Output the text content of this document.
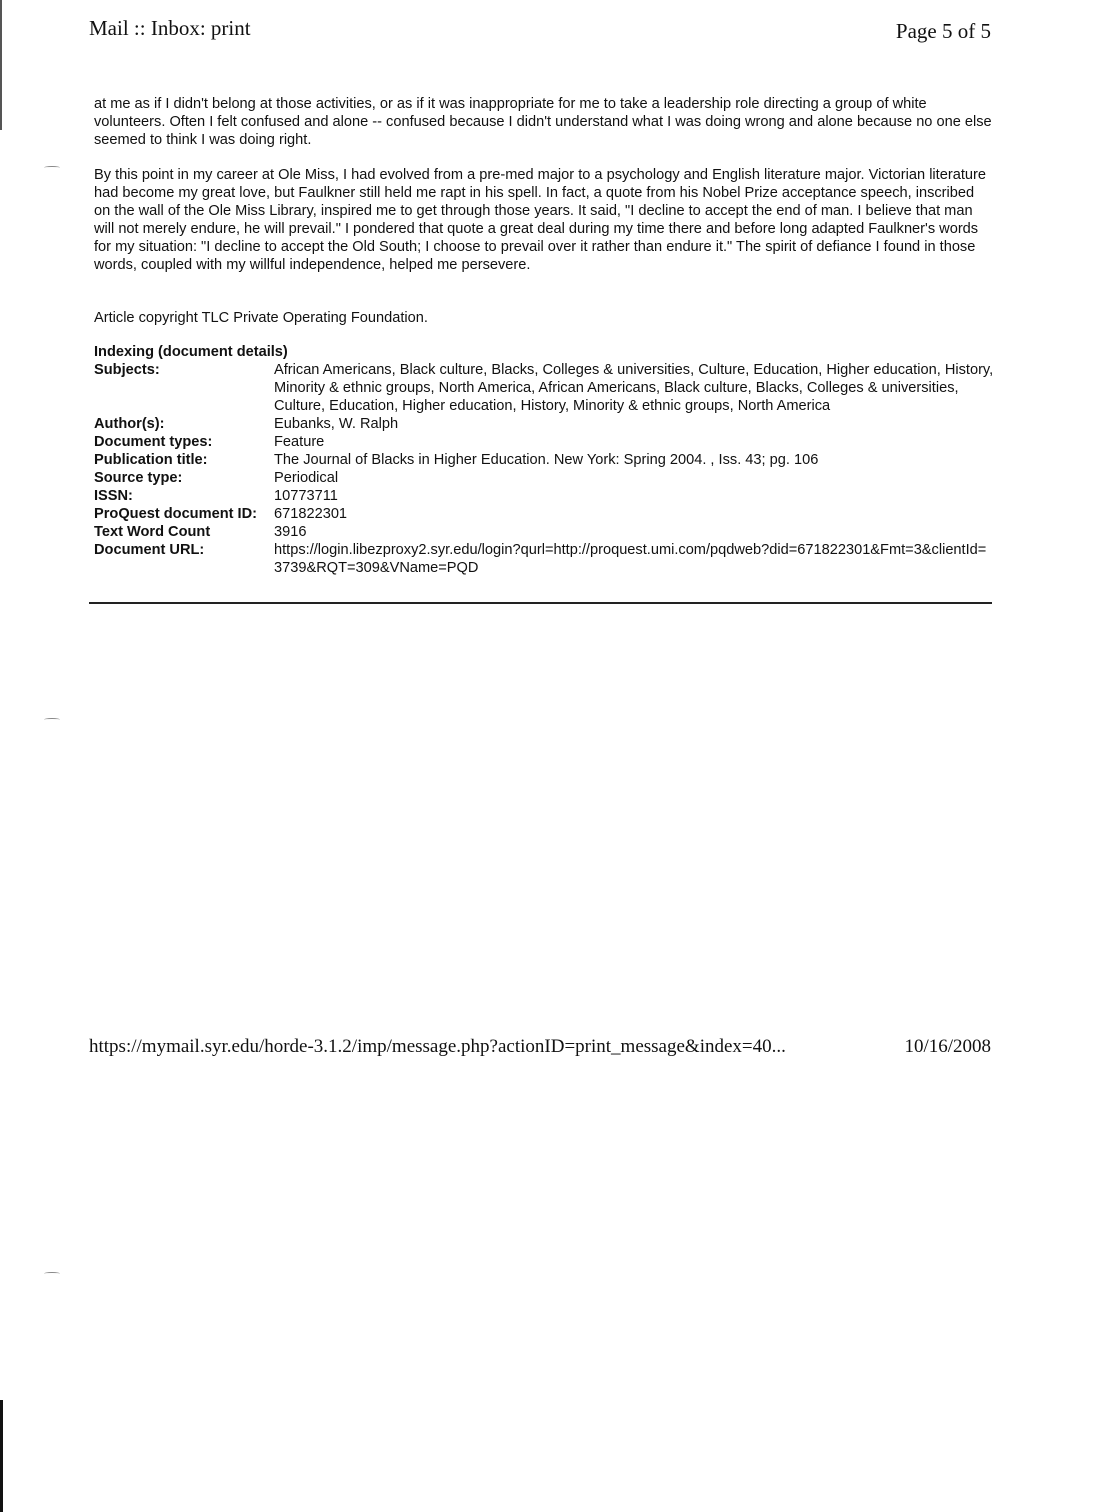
Mail :: Inbox: print	Page 5 of 5

at me as if I didn't belong at those activities, or as if it was inappropriate for me to take a leadership role directing a group of white volunteers. Often I felt confused and alone -- confused because I didn't understand what I was doing wrong and alone because no one else seemed to think I was doing right.

By this point in my career at Ole Miss, I had evolved from a pre-med major to a psychology and English literature major. Victorian literature had become my great love, but Faulkner still held me rapt in his spell. In fact, a quote from his Nobel Prize acceptance speech, inscribed on the wall of the Ole Miss Library, inspired me to get through those years. It said, "I decline to accept the end of man. I believe that man will not merely endure, he will prevail." I pondered that quote a great deal during my time there and before long adapted Faulkner's words for my situation: "I decline to accept the Old South; I choose to prevail over it rather than endure it." The spirit of defiance I found in those words, coupled with my willful independence, helped me persevere.

Article copyright TLC Private Operating Foundation.

Indexing (document details)
Subjects:	African Americans, Black culture, Blacks, Colleges & universities, Culture, Education, Higher education, History, Minority & ethnic groups, North America, African Americans, Black culture, Blacks, Colleges & universities, Culture, Education, Higher education, History, Minority & ethnic groups, North America
Author(s):	Eubanks, W. Ralph
Document types:	Feature
Publication title:	The Journal of Blacks in Higher Education. New York: Spring 2004. , Iss. 43; pg. 106
Source type:	Periodical
ISSN:	10773711
ProQuest document ID:	671822301
Text Word Count	3916
Document URL:	https://login.libezproxy2.syr.edu/login?qurl=http://proquest.umi.com/pqdweb?did=671822301&Fmt=3&clientId=3739&RQT=309&VName=PQD
https://mymail.syr.edu/horde-3.1.2/imp/message.php?actionID=print_message&index=40...	10/16/2008
